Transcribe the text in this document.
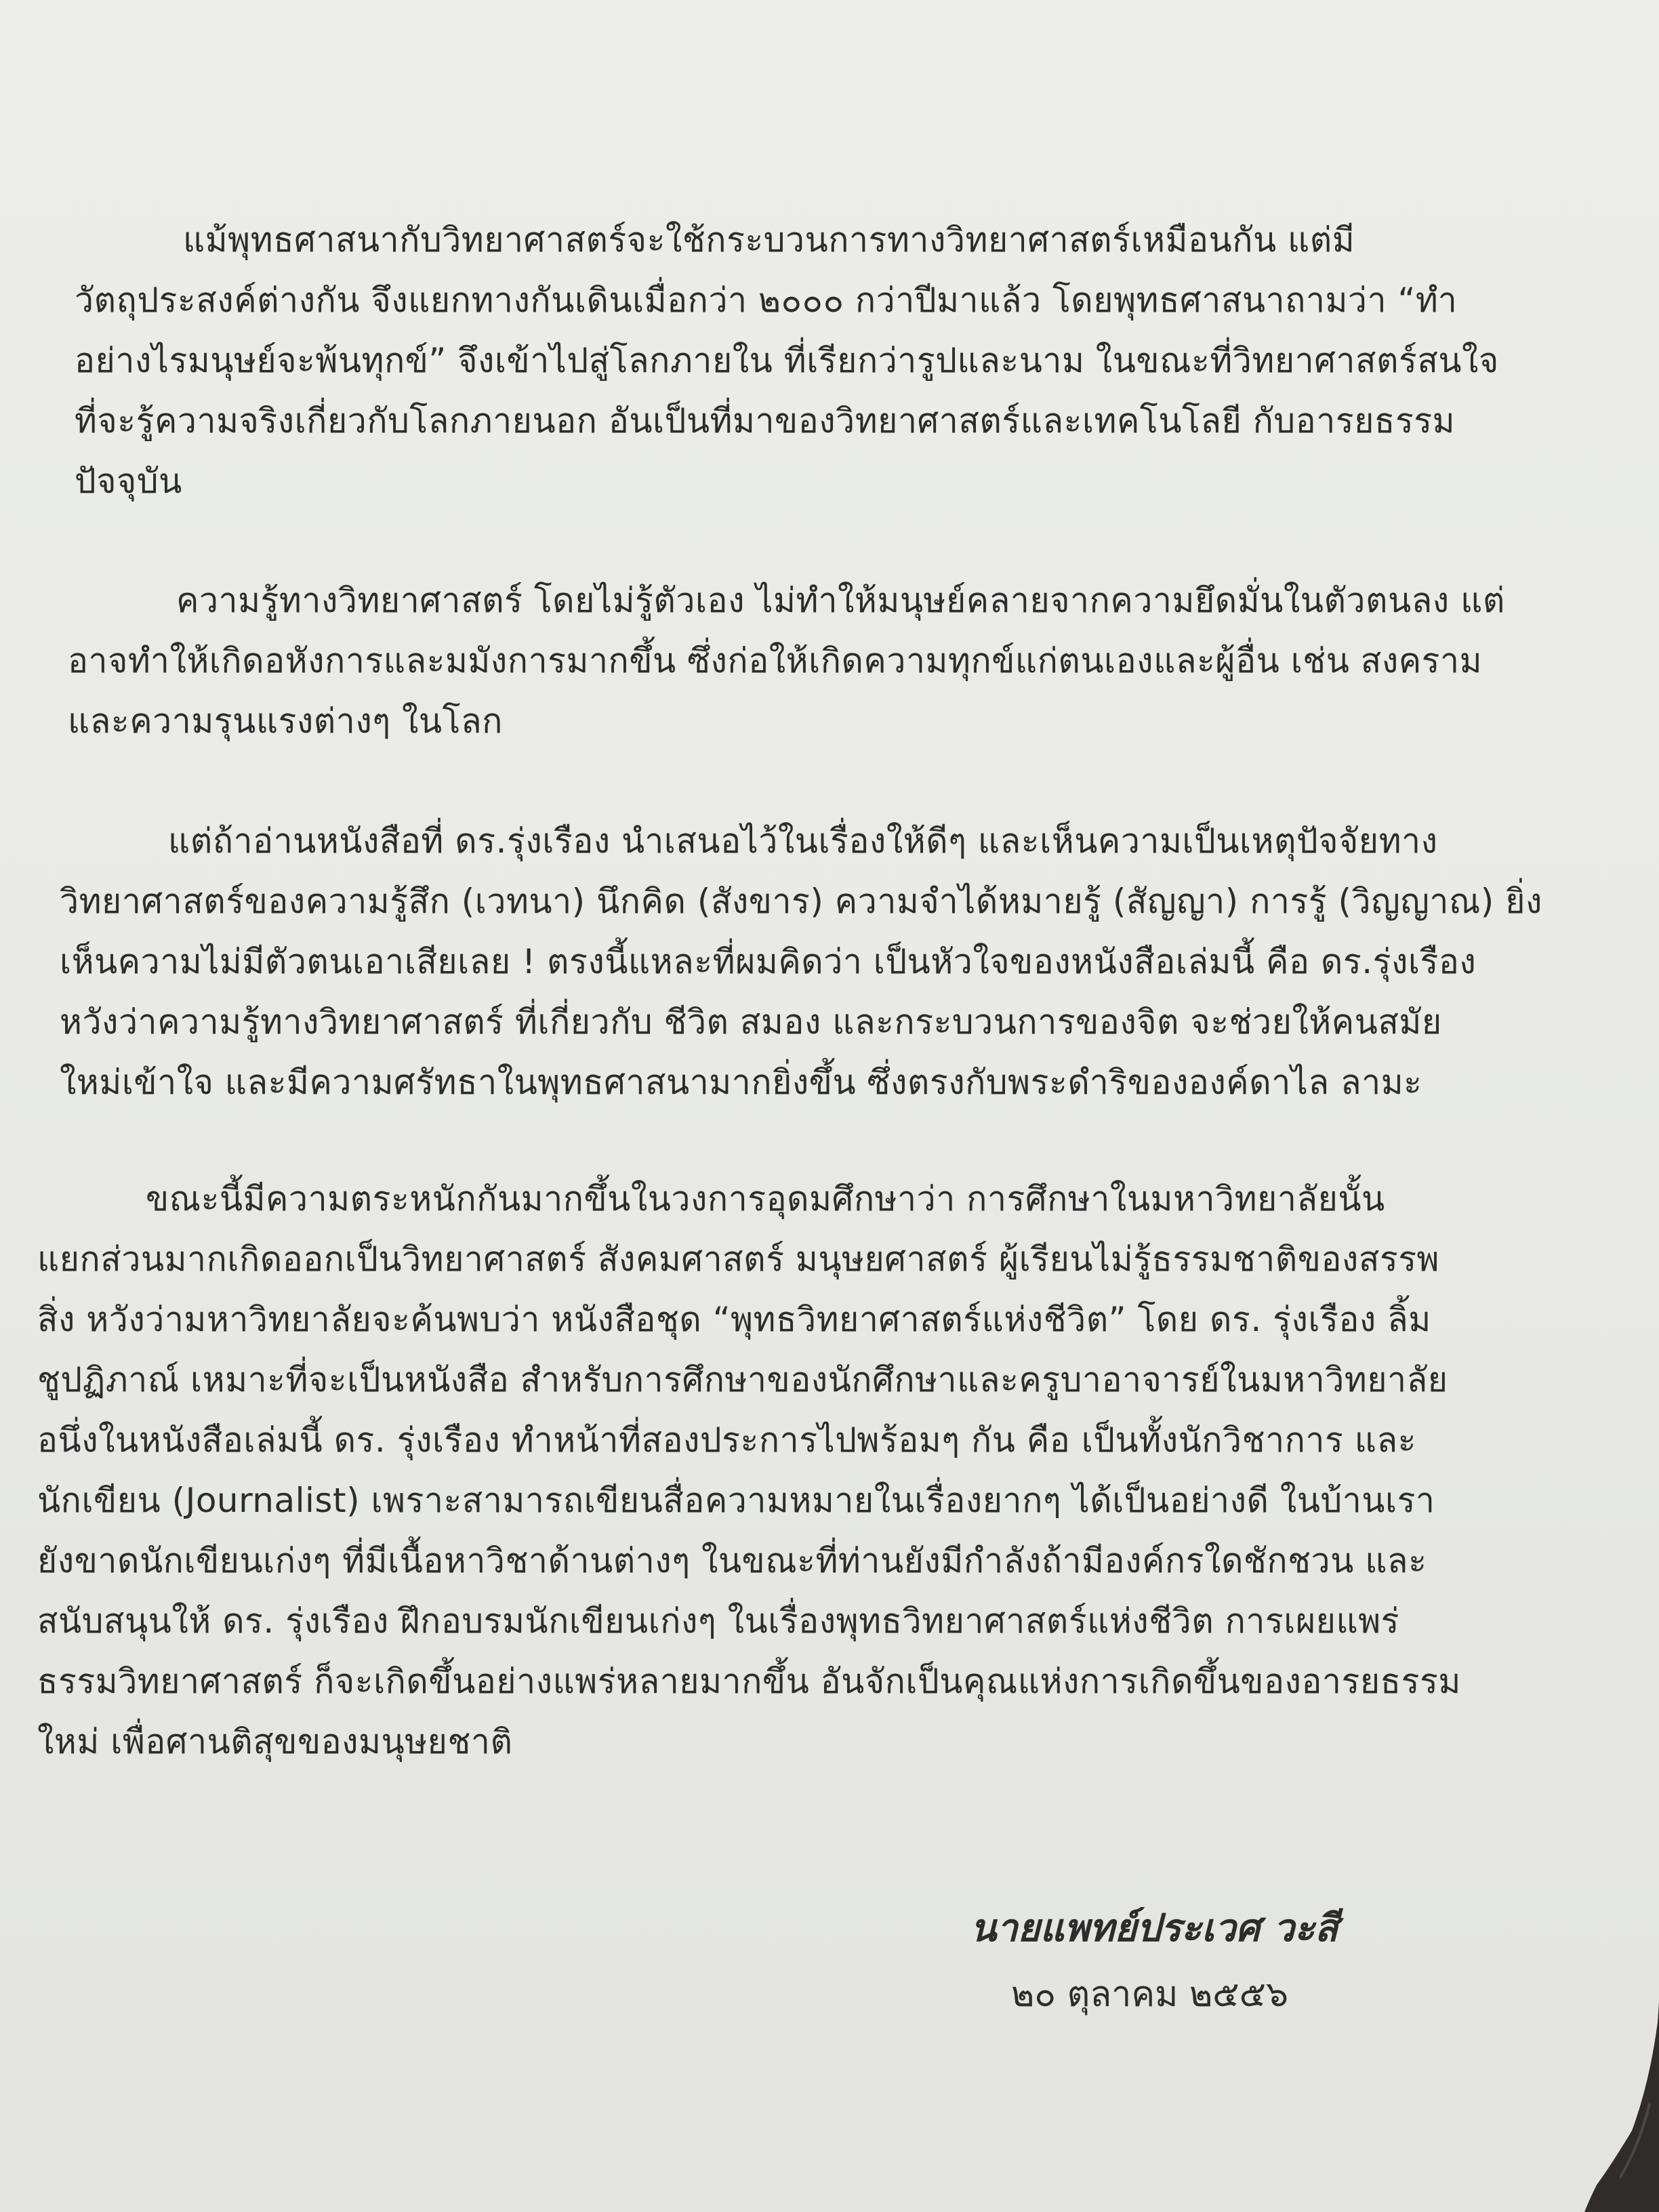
แม้พุทธศาสนากับวิทยาศาสตร์จะใช้กระบวนการทางวิทยาศาสตร์เหมือนกัน แต่มี
วัตถุประสงค์ต่างกัน จึงแยกทางกันเดินเมื่อกว่า ๒๐๐๐ กว่าปีมาแล้ว โดยพุทธศาสนาถามว่า “ทำ
อย่างไรมนุษย์จะพ้นทุกข์” จึงเข้าไปสู่โลกภายใน ที่เรียกว่ารูปและนาม ในขณะที่วิทยาศาสตร์สนใจ
ที่จะรู้ความจริงเกี่ยวกับโลกภายนอก อันเป็นที่มาของวิทยาศาสตร์และเทคโนโลยี กับอารยธรรม
ปัจจุบัน
ความรู้ทางวิทยาศาสตร์ โดยไม่รู้ตัวเอง ไม่ทำให้มนุษย์คลายจากความยึดมั่นในตัวตนลง แต่
อาจทำให้เกิดอหังการและมมังการมากขึ้น ซึ่งก่อให้เกิดความทุกข์แก่ตนเองและผู้อื่น เช่น สงคราม
และความรุนแรงต่างๆ ในโลก
แต่ถ้าอ่านหนังสือที่ ดร.รุ่งเรือง นำเสนอไว้ในเรื่องให้ดีๆ และเห็นความเป็นเหตุปัจจัยทาง
วิทยาศาสตร์ของความรู้สึก (เวทนา) นึกคิด (สังขาร) ความจำได้หมายรู้ (สัญญา) การรู้ (วิญญาณ) ยิ่ง
เห็นความไม่มีตัวตนเอาเสียเลย ! ตรงนี้แหละที่ผมคิดว่า เป็นหัวใจของหนังสือเล่มนี้ คือ ดร.รุ่งเรือง
หวังว่าความรู้ทางวิทยาศาสตร์ ที่เกี่ยวกับ ชีวิต สมอง และกระบวนการของจิต จะช่วยให้คนสมัย
ใหม่เข้าใจ และมีความศรัทธาในพุทธศาสนามากยิ่งขึ้น ซึ่งตรงกับพระดำริขององค์ดาไล ลามะ
ขณะนี้มีความตระหนักกันมากขึ้นในวงการอุดมศึกษาว่า การศึกษาในมหาวิทยาลัยนั้น
แยกส่วนมากเกิดออกเป็นวิทยาศาสตร์ สังคมศาสตร์ มนุษยศาสตร์ ผู้เรียนไม่รู้ธรรมชาติของสรรพ
สิ่ง หวังว่ามหาวิทยาลัยจะค้นพบว่า หนังสือชุด “พุทธวิทยาศาสตร์แห่งชีวิต” โดย ดร. รุ่งเรือง ลิ้ม
ชูปฏิภาณ์ เหมาะที่จะเป็นหนังสือ สำหรับการศึกษาของนักศึกษาและครูบาอาจารย์ในมหาวิทยาลัย
อนึ่งในหนังสือเล่มนี้ ดร. รุ่งเรือง ทำหน้าที่สองประการไปพร้อมๆ กัน คือ เป็นทั้งนักวิชาการ และ
นักเขียน (Journalist) เพราะสามารถเขียนสื่อความหมายในเรื่องยากๆ ได้เป็นอย่างดี ในบ้านเรา
ยังขาดนักเขียนเก่งๆ ที่มีเนื้อหาวิชาด้านต่างๆ ในขณะที่ท่านยังมีกำลังถ้ามีองค์กรใดชักชวน และ
สนับสนุนให้ ดร. รุ่งเรือง ฝึกอบรมนักเขียนเก่งๆ ในเรื่องพุทธวิทยาศาสตร์แห่งชีวิต การเผยแพร่
ธรรมวิทยาศาสตร์ ก็จะเกิดขึ้นอย่างแพร่หลายมากขึ้น อันจักเป็นคุณแห่งการเกิดขึ้นของอารยธรรม
ใหม่ เพื่อศานติสุขของมนุษยชาติ
นายแพทย์ประเวศ วะสี
๒๐ ตุลาคม ๒๕๕๖
